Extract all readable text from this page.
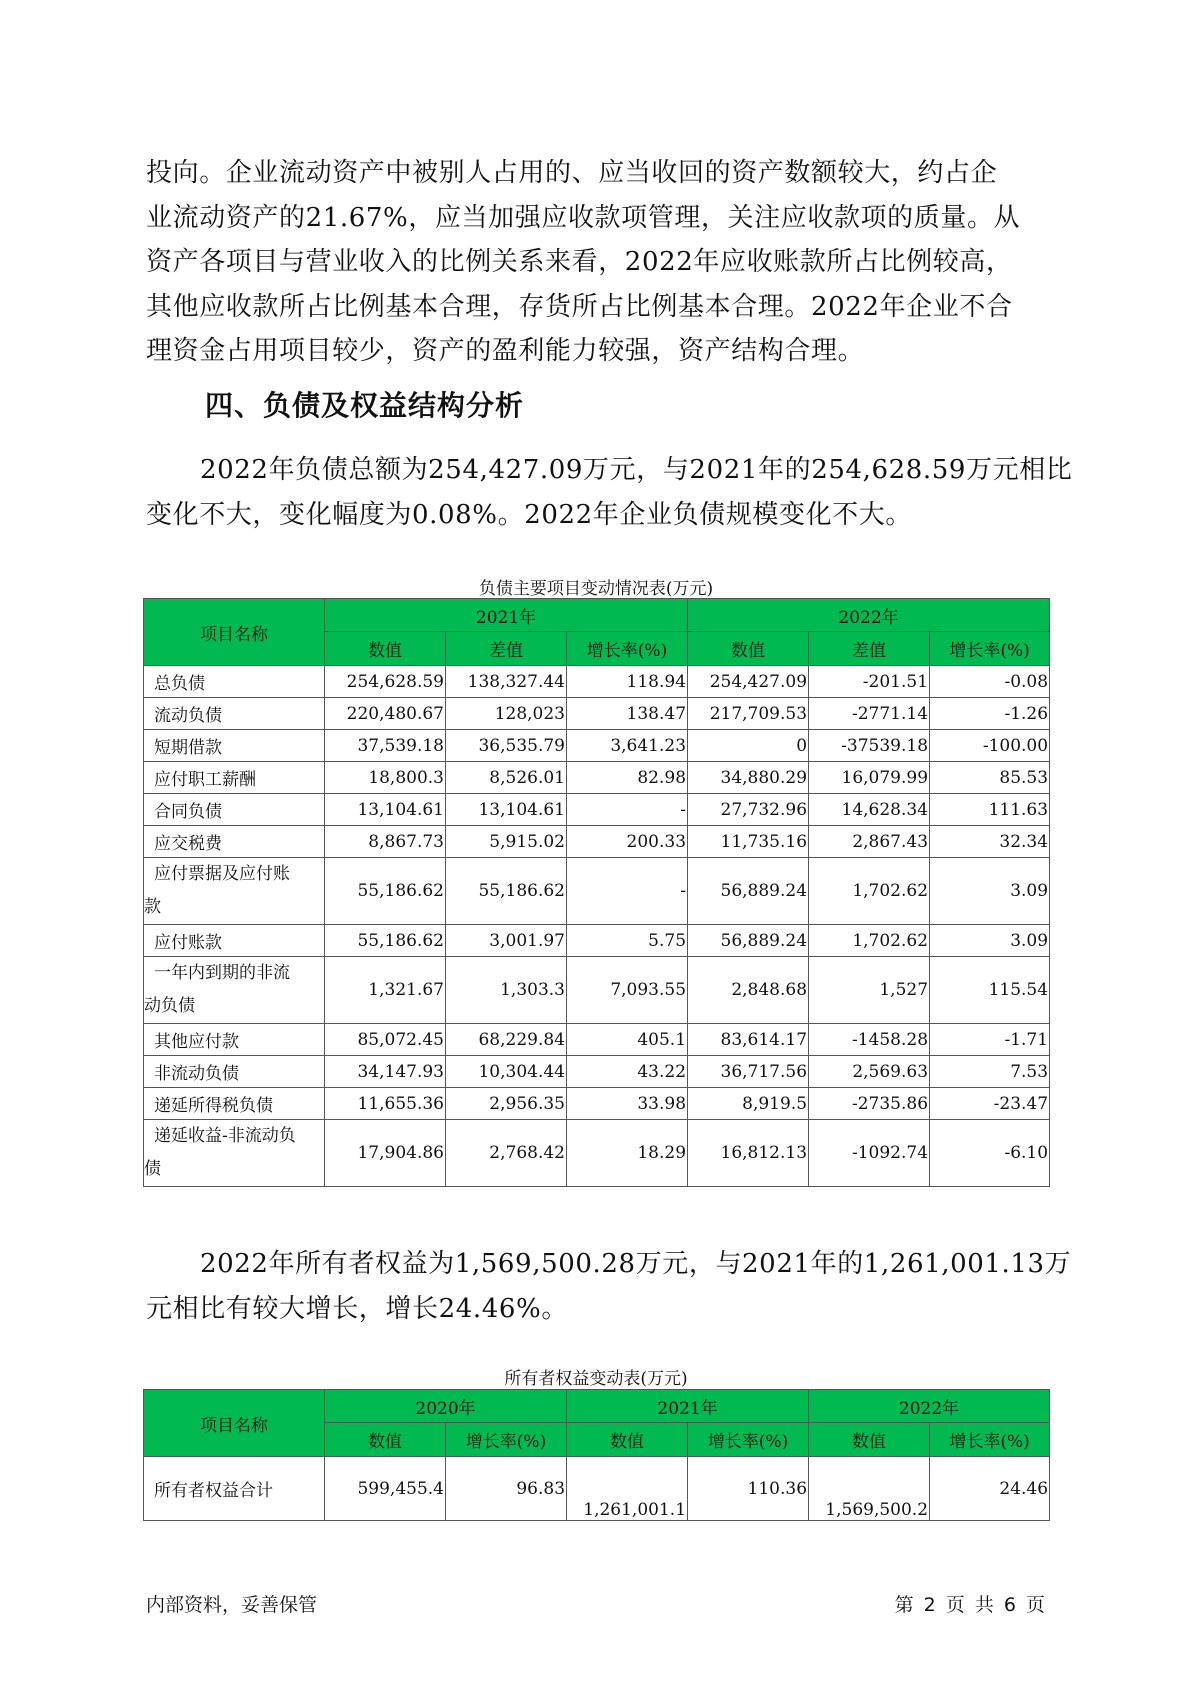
投向。企业流动资产中被别人占用的、应当收回的资产数额较大，约占企
业流动资产的21.67%，应当加强应收款项管理，关注应收款项的质量。从
资产各项目与营业收入的比例关系来看，2022年应收账款所占比例较高，
其他应收款所占比例基本合理，存货所占比例基本合理。2022年企业不合
理资金占用项目较少，资产的盈利能力较强，资产结构合理。
四、负债及权益结构分析
2022年负债总额为254,427.09万元，与2021年的254,628.59万元相比
变化不大，变化幅度为0.08%。2022年企业负债规模变化不大。
负债主要项目变动情况表(万元)
项目名称	2021年			2022年		
	数值	差值	增长率(%)	数值	差值	增长率(%)
总负债	254,628.59	138,327.44	118.94	254,427.09	-201.51	-0.08
流动负债	220,480.67	128,023	138.47	217,709.53	-2771.14	-1.26
短期借款	37,539.18	36,535.79	3,641.23	0	-37539.18	-100.00
应付职工薪酬	18,800.3	8,526.01	82.98	34,880.29	16,079.99	85.53
合同负债	13,104.61	13,104.61	-	27,732.96	14,628.34	111.63
应交税费	8,867.73	5,915.02	200.33	11,735.16	2,867.43	32.34

应付票据及应付账
款	55,186.62	55,186.62	-	56,889.24	1,702.62	3.09
应付账款	55,186.62	3,001.97	5.75	56,889.24	1,702.62	3.09

一年内到期的非流
动负债	1,321.67	1,303.3	7,093.55	2,848.68	1,527	115.54
其他应付款	85,072.45	68,229.84	405.1	83,614.17	-1458.28	-1.71
非流动负债	34,147.93	10,304.44	43.22	36,717.56	2,569.63	7.53
递延所得税负债	11,655.36	2,956.35	33.98	8,919.5	-2735.86	-23.47

递延收益-非流动负
债	17,904.86	2,768.42	18.29	16,812.13	-1092.74	-6.10
2022年所有者权益为1,569,500.28万元，与2021年的1,261,001.13万
元相比有较大增长，增长24.46%。
所有者权益变动表(万元)
项目名称	2020年		2021年		2022年	
	数值	增长率(%)	数值	增长率(%)	数值	增长率(%)
所有者权益合计	599,455.4	96.83	1,261,001.1	110.36	1,569,500.2	24.46
内部资料，妥善保管	第 2 页 共 6 页
